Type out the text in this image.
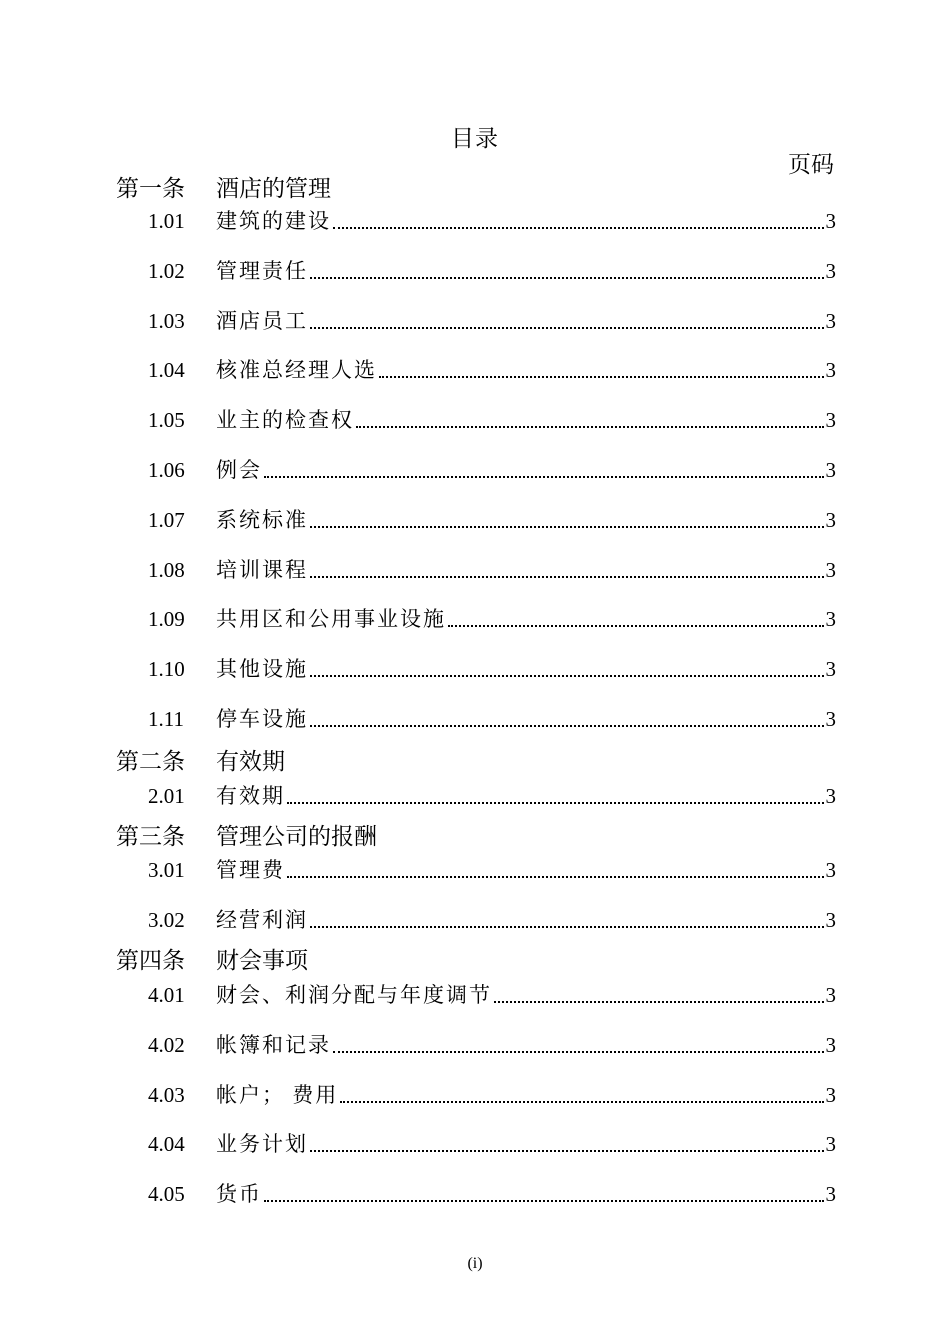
目录
页码
第一条 酒店的管理
1.01	建筑的建设	3
1.02	管理责任	3
1.03	酒店员工	3
1.04	核准总经理人选	3
1.05	业主的检查权	3
1.06	例会	3
1.07	系统标准	3
1.08	培训课程	3
1.09	共用区和公用事业设施	3
1.10	其他设施	3
1.11	停车设施	3
第二条 有效期
2.01	有效期	3
第三条 管理公司的报酬
3.01	管理费	3
3.02	经营利润	3
第四条 财会事项
4.01	财会、利润分配与年度调节	3
4.02	帐簿和记录	3
4.03	帐户； 费用	3
4.04	业务计划	3
4.05	货币	3
(i)
